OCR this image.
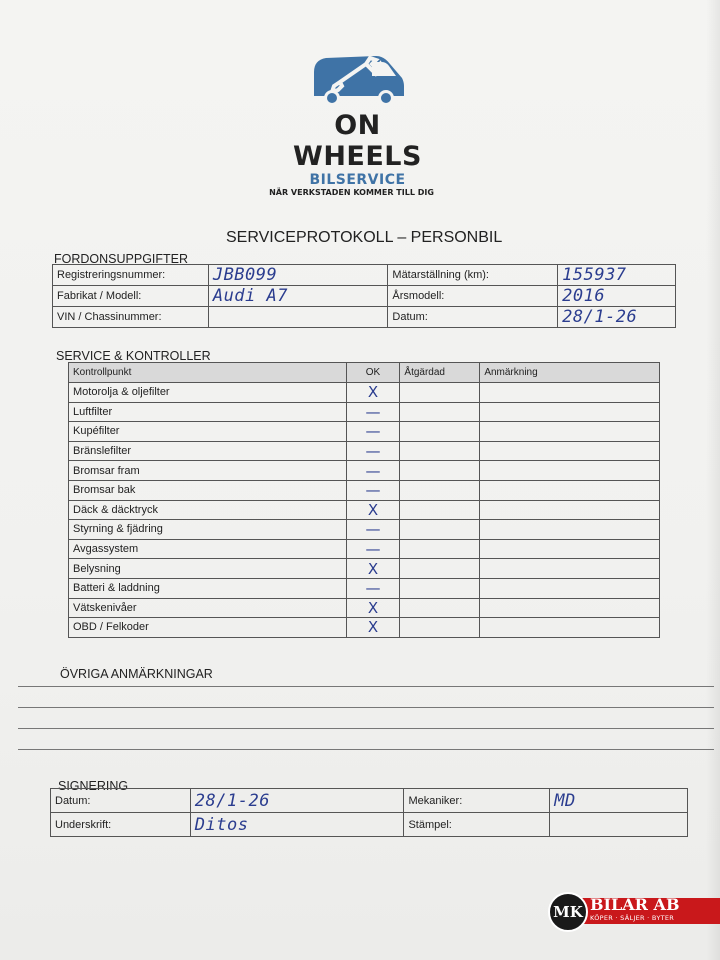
ON WHEELS
BILSERVICE
NÄR VERKSTADEN KOMMER TILL DIG
SERVICEPROTOKOLL – PERSONBIL
FORDONSUPPGIFTER
Registreringsnummer:	JBB099	Mätarställning (km):	155937
Fabrikat / Modell:	Audi A7	Årsmodell:	2016
VIN / Chassinummer:		Datum:	28/1-26
SERVICE & KONTROLLER
Kontrollpunkt	OK	Åtgärdad	Anmärkning
Motorolja & oljefilter	X		
Luftfilter	—		
Kupéfilter	—		
Bränslefilter	—		
Bromsar fram	—		
Bromsar bak	—		
Däck & däcktryck	X		
Styrning & fjädring	—		
Avgassystem	—		
Belysning	X		
Batteri & laddning	—		
Vätskenivåer	X		
OBD / Felkoder	X		
ÖVRIGA ANMÄRKNINGAR
SIGNERING
Datum:	28/1-26	Mekaniker:	MD
Underskrift:	Ditos	Stämpel:	
MK BILAR AB
KÖPER · SÄLJER · BYTER
